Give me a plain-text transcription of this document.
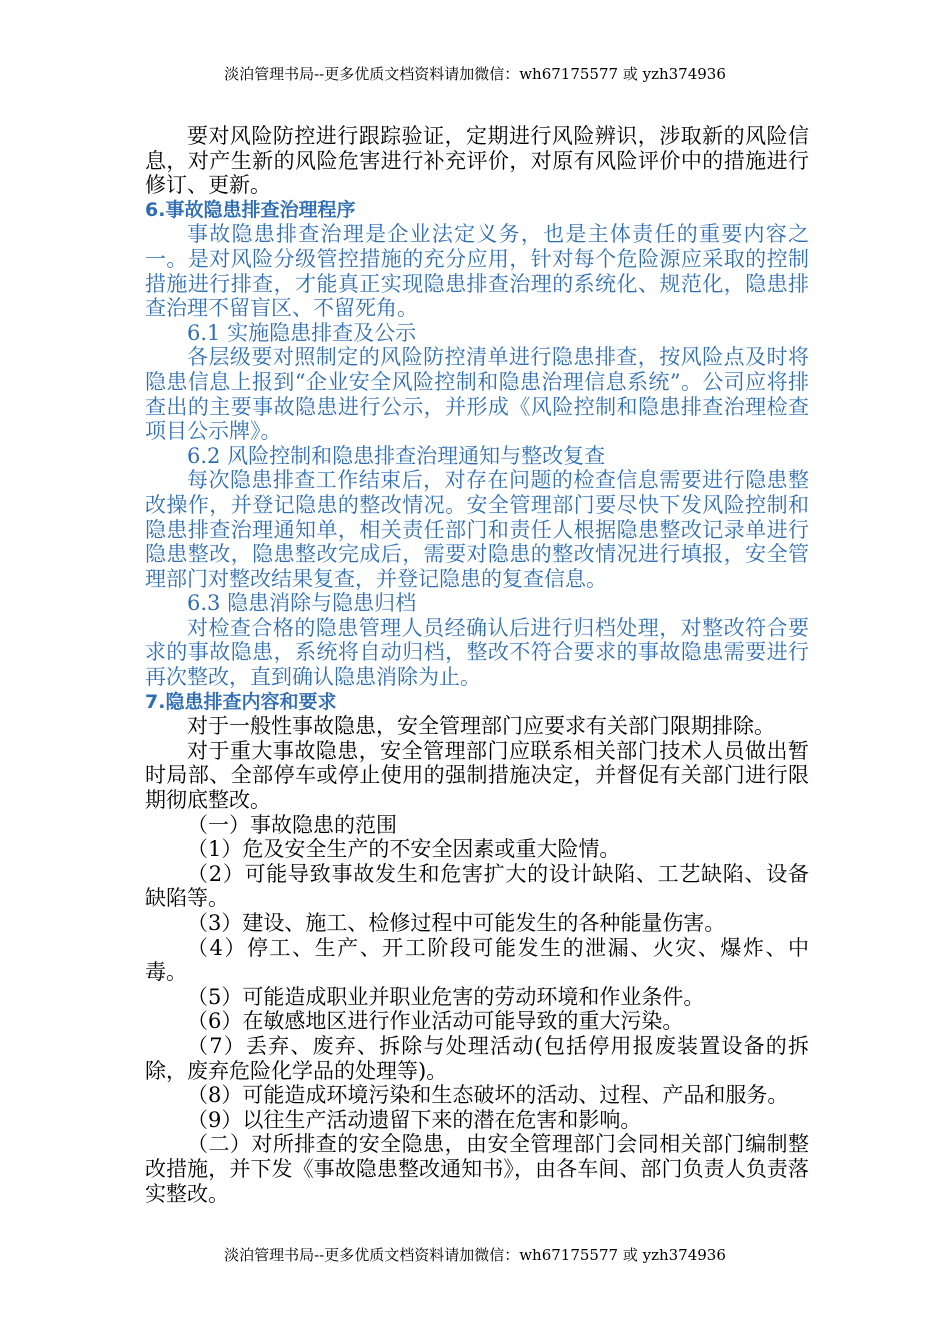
淡泊管理书局--更多优质文档资料请加微信：wh67175577 或 yzh374936

要对风险防控进行跟踪验证，定期进行风险辨识，涉取新的风险信息，对产生新的风险危害进行补充评价，对原有风险评价中的措施进行修订、更新。

6.事故隐患排查治理程序

事故隐患排查治理是企业法定义务，也是主体责任的重要内容之一。是对风险分级管控措施的充分应用，针对每个危险源应采取的控制措施进行排查，才能真正实现隐患排查治理的系统化、规范化，隐患排查治理不留盲区、不留死角。

6.1 实施隐患排查及公示

各层级要对照制定的风险防控清单进行隐患排查，按风险点及时将隐患信息上报到“企业安全风险控制和隐患治理信息系统”。公司应将排查出的主要事故隐患进行公示，并形成《风险控制和隐患排查治理检查项目公示牌》。

6.2 风险控制和隐患排查治理通知与整改复查

每次隐患排查工作结束后，对存在问题的检查信息需要进行隐患整改操作，并登记隐患的整改情况。安全管理部门要尽快下发风险控制和隐患排查治理通知单，相关责任部门和责任人根据隐患整改记录单进行隐患整改，隐患整改完成后，需要对隐患的整改情况进行填报，安全管理部门对整改结果复查，并登记隐患的复查信息。

6.3 隐患消除与隐患归档

对检查合格的隐患管理人员经确认后进行归档处理，对整改符合要求的事故隐患，系统将自动归档，整改不符合要求的事故隐患需要进行再次整改，直到确认隐患消除为止。

7.隐患排查内容和要求

对于一般性事故隐患，安全管理部门应要求有关部门限期排除。

对于重大事故隐患，安全管理部门应联系相关部门技术人员做出暂时局部、全部停车或停止使用的强制措施决定，并督促有关部门进行限期彻底整改。

（一）事故隐患的范围

（1）危及安全生产的不安全因素或重大险情。

（2）可能导致事故发生和危害扩大的设计缺陷、工艺缺陷、设备缺陷等。

（3）建设、施工、检修过程中可能发生的各种能量伤害。

（4）停工、生产、开工阶段可能发生的泄漏、火灾、爆炸、中毒。

（5）可能造成职业并职业危害的劳动环境和作业条件。

（6）在敏感地区进行作业活动可能导致的重大污染。

（7）丢弃、废弃、拆除与处理活动(包括停用报废装置设备的拆除，废弃危险化学品的处理等)。

（8）可能造成环境污染和生态破坏的活动、过程、产品和服务。

（9）以往生产活动遗留下来的潜在危害和影响。

（二）对所排查的安全隐患，由安全管理部门会同相关部门编制整改措施，并下发《事故隐患整改通知书》，由各车间、部门负责人负责落实整改。

淡泊管理书局--更多优质文档资料请加微信：wh67175577 或 yzh374936
